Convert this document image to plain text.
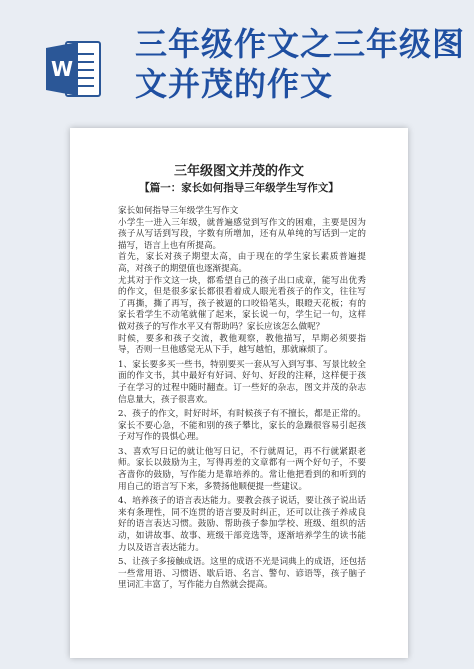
W
三年级作文之三年级图文并茂的作文

三年级图文并茂的作文
【篇一：家长如何指导三年级学生写作文】

家长如何指导三年级学生写作文

小学生一进入三年级，就普遍感觉到写作文的困难，主要是因为孩子从写话到写段，字数有所增加，还有从单纯的写话到一定的描写，语言上也有所提高。

首先，家长对孩子期望太高，由于现在的学生家长素质普遍提高，对孩子的期望值也逐渐提高。

尤其对于作文这一块，都希望自己的孩子出口成章，能写出优秀的作文，但是很多家长都很看着成人眼光看孩子的作文，往往写了再撕，撕了再写，孩子被逼的口咬铅笔头，眼瞪天花板；有的家长看学生不动笔就催了起来，家长说一句，学生记一句，这样做对孩子的写作水平又有帮助吗？家长应该怎么做呢？

时候，要多和孩子交流，教他观察，教他描写，早期必须要指导，否则一旦他感觉无从下手，越写越怕，那就麻烦了。

1、家长要多买一些书，特别要买一套从写入到写事、写景比较全面的作文书，其中最好有好词、好句、好段的注释，这样便于孩子在学习的过程中随时翻查。订一些好的杂志，图文并茂的杂志信息量大，孩子很喜欢。

2、孩子的作文，时好时坏，有时候孩子有不擅长，都是正常的。家长不要心急，不能和别的孩子攀比，家长的急躁很容易引起孩子对写作的畏惧心理。

3、喜欢写日记的就让他写日记，不行就周记，再不行就紧跟老师。家长以鼓励为主，写得再差的文章都有一两个好句子，不要吝啬你的鼓励，写作能力是靠培养的。常让他把看到的和听到的用自己的语言写下来，多赞扬他顺便提一些建议。

4、培养孩子的语言表达能力。要教会孩子说话，要让孩子说出话来有条理性，同不连贯的语言要及时纠正，还可以让孩子养成良好的语言表达习惯。鼓励、帮助孩子参加学校、班级、组织的活动，如讲故事、故事、班级干部竞选等，逐渐培养学生的读书能力以及语言表达能力。

5、让孩子多接触成语。这里的成语不光是词典上的成语，还包括一些常用语、习惯语、歇后语、名言、警句、谚语等，孩子脑子里词汇丰富了，写作能力自然就会提高。
